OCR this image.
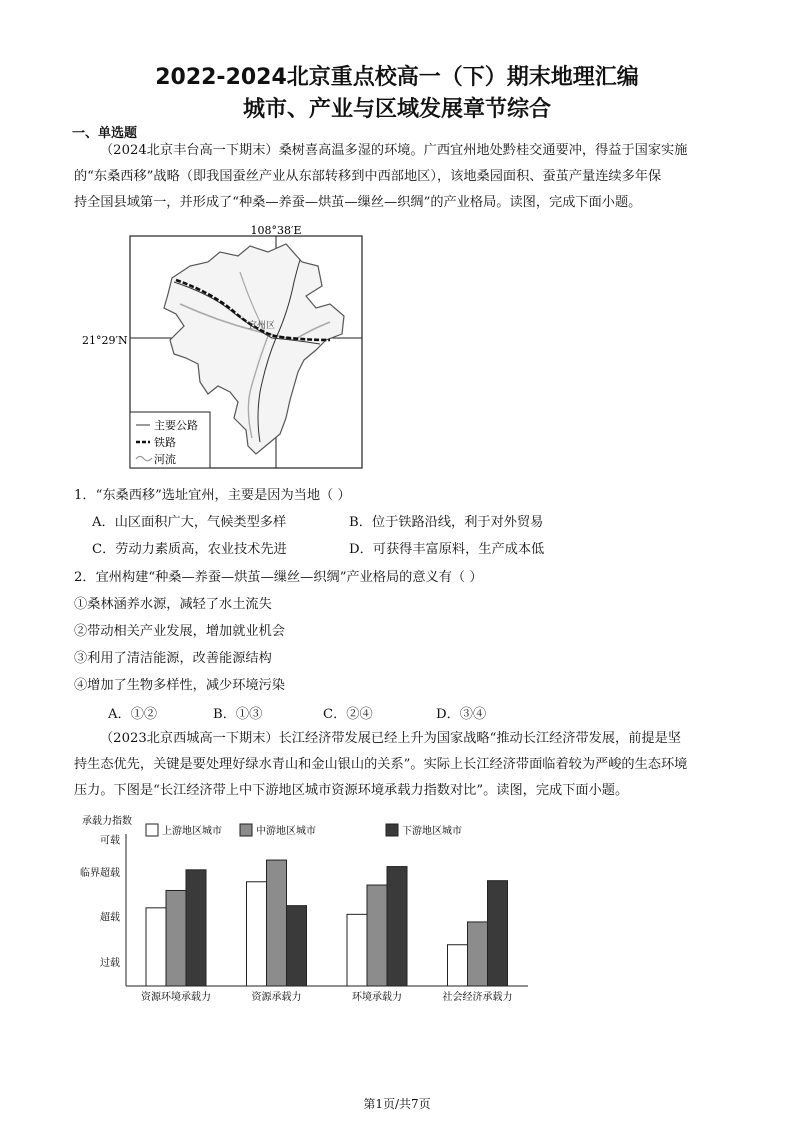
2022-2024北京重点校高一（下）期末地理汇编
城市、产业与区域发展章节综合
一、单选题
（2024北京丰台高一下期末）桑树喜高温多湿的环境。广西宜州地处黔桂交通要冲，得益于国家实施
的“东桑西移”战略（即我国蚕丝产业从东部转移到中西部地区），该地桑园面积、蚕茧产量连续多年保
持全国县域第一，并形成了“种桑—养蚕—烘茧—缫丝—织绸”的产业格局。读图，完成下面小题。
108°38′E
21°29′N
宜州区
主要公路
铁路
河流
1．“东桑西移”选址宜州，主要是因为当地（ ）
A．山区面积广大，气候类型多样	B．位于铁路沿线，利于对外贸易
C．劳动力素质高，农业技术先进	D．可获得丰富原料，生产成本低
2．宜州构建“种桑—养蚕—烘茧—缫丝—织绸”产业格局的意义有（ ）
①桑林涵养水源，减轻了水土流失
②带动相关产业发展，增加就业机会
③利用了清洁能源，改善能源结构
④增加了生物多样性，减少环境污染
A．①②	B．①③	C．②④	D．③④
（2023北京西城高一下期末）长江经济带发展已经上升为国家战略“推动长江经济带发展，前提是坚
持生态优先，关键是要处理好绿水青山和金山银山的关系”。实际上长江经济带面临着较为严峻的生态环境
压力。下图是“长江经济带上中下游地区城市资源环境承载力指数对比”。读图，完成下面小题。
承载力指数
过载
超载
临界超载
可载
资源环境承载力	资源承载力	环境承载力	社会经济承载力
上游地区城市	中游地区城市	下游地区城市
第1页/共7页
